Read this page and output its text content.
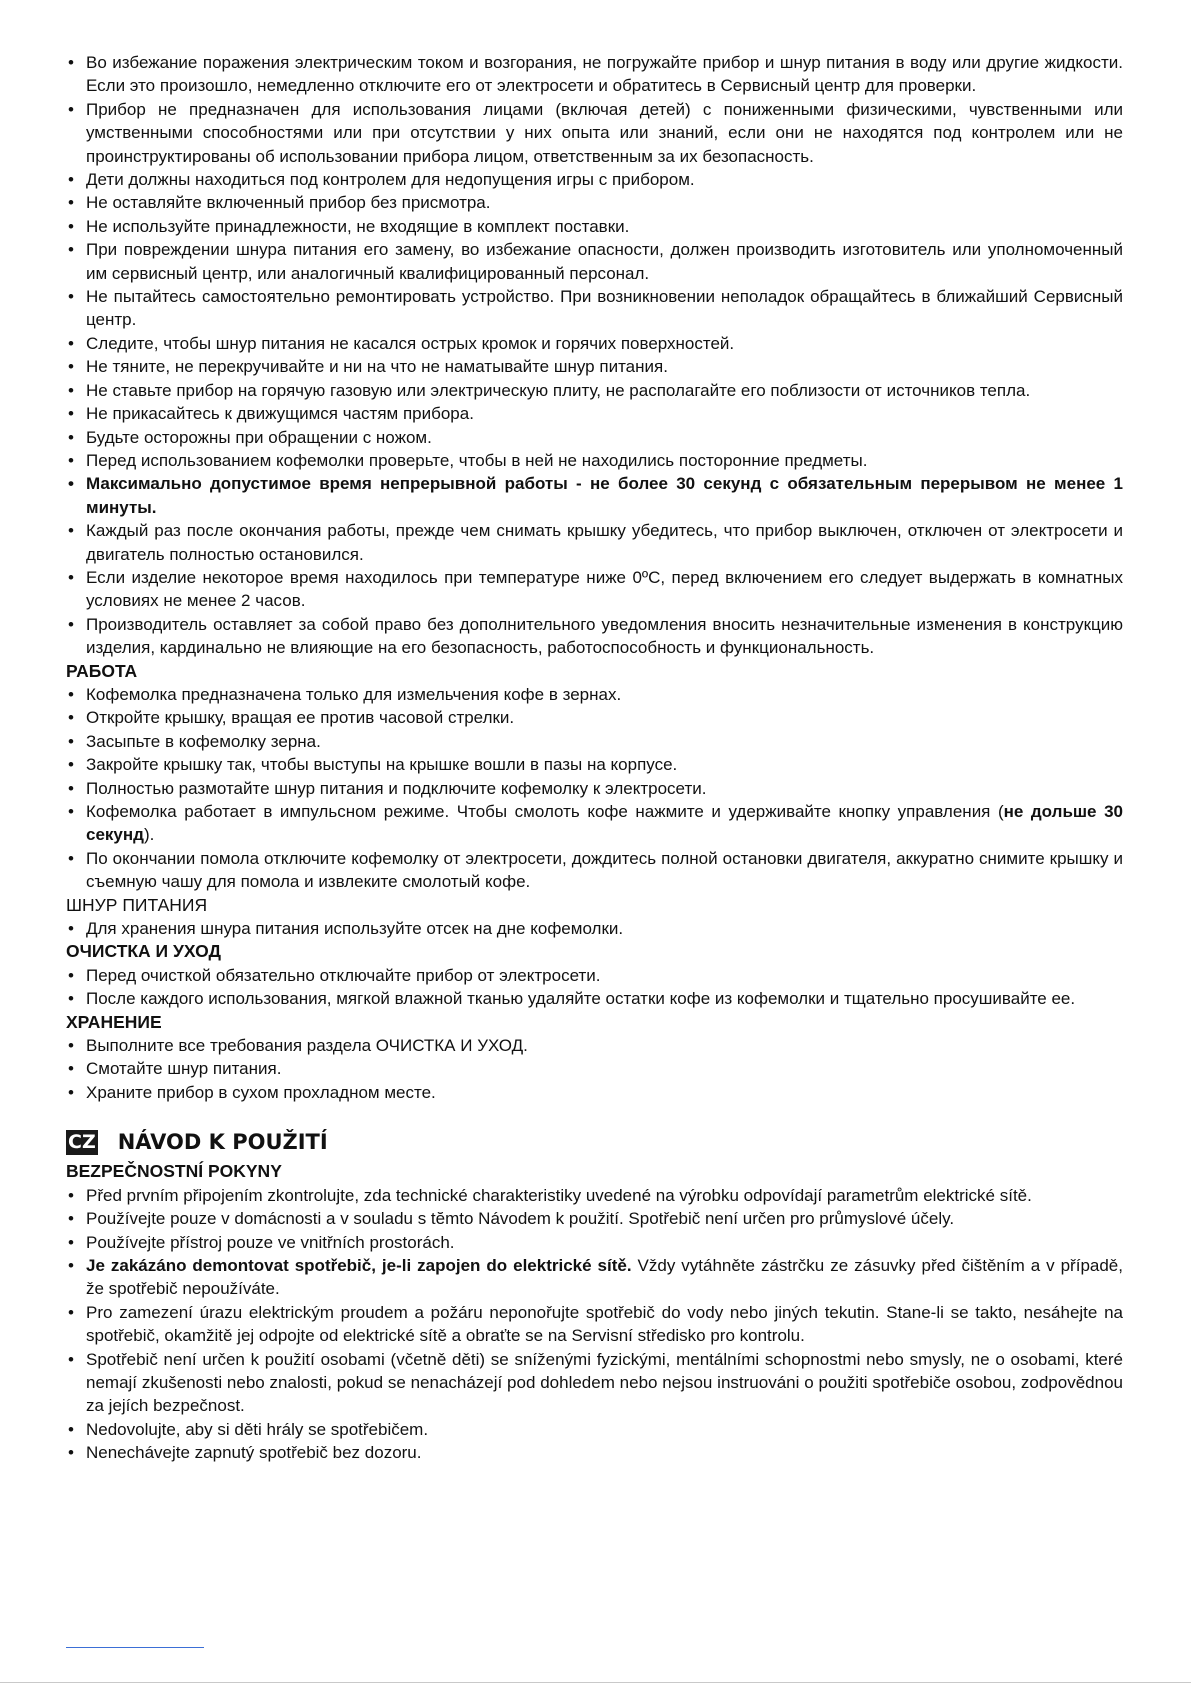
• Во избежание поражения электрическим током и возгорания, не погружайте прибор и шнур питания в воду или другие жидкости. Если это произошло, немедленно отключите его от электросети и обратитесь в Сервисный центр для проверки.
• Прибор не предназначен для использования лицами (включая детей) с пониженными физическими, чувственными или умственными способностями или при отсутствии у них опыта или знаний, если они не находятся под контролем или не проинструктированы об использовании прибора лицом, ответственным за их безопасность.
• Дети должны находиться под контролем для недопущения игры с прибором.
• Не оставляйте включенный прибор без присмотра.
• Не используйте принадлежности, не входящие в комплект поставки.
• При повреждении шнура питания его замену, во избежание опасности, должен производить изготовитель или уполномоченный им сервисный центр, или аналогичный квалифицированный персонал.
• Не пытайтесь самостоятельно ремонтировать устройство. При возникновении неполадок обращайтесь в ближайший Сервисный центр.
• Следите, чтобы шнур питания не касался острых кромок и горячих поверхностей.
• Не тяните, не перекручивайте и ни на что не наматывайте шнур питания.
• Не ставьте прибор на горячую газовую или электрическую плиту, не располагайте его поблизости от источников тепла.
• Не прикасайтесь к движущимся частям прибора.
• Будьте осторожны при обращении с ножом.
• Перед использованием кофемолки проверьте, чтобы в ней не находились посторонние предметы.
• Максимально допустимое время непрерывной работы - не более 30 секунд с обязательным перерывом не менее 1 минуты.
• Каждый раз после окончания работы, прежде чем снимать крышку убедитесь, что прибор выключен, отключен от электросети и двигатель полностью остановился.
• Если изделие некоторое время находилось при температуре ниже 0ºС, перед включением его следует выдержать в комнатных условиях не менее 2 часов.
• Производитель оставляет за собой право без дополнительного уведомления вносить незначительные изменения в конструкцию изделия, кардинально не влияющие на его безопасность, работоспособность и функциональность.
РАБОТА
• Кофемолка предназначена только для измельчения кофе в зернах.
• Откройте крышку, вращая ее против часовой стрелки.
• Засыпьте в кофемолку зерна.
• Закройте крышку так, чтобы выступы на крышке вошли в пазы на корпусе.
• Полностью размотайте шнур питания и подключите кофемолку к электросети.
• Кофемолка работает в импульсном режиме. Чтобы смолоть кофе нажмите и удерживайте кнопку управления (не дольше 30 секунд).
• По окончании помола отключите кофемолку от электросети, дождитесь полной остановки двигателя, аккуратно снимите крышку и съемную чашу для помола и извлеките смолотый кофе.
ШНУР ПИТАНИЯ
• Для хранения шнура питания используйте отсек на дне кофемолки.
ОЧИСТКА И УХОД
• Перед очисткой обязательно отключайте прибор от электросети.
• После каждого использования, мягкой влажной тканью удаляйте остатки кофе из кофемолки и тщательно просушивайте ее.
ХРАНЕНИЕ
• Выполните все требования раздела ОЧИСТКА И УХОД.
• Смотайте шнур питания.
• Храните прибор в сухом прохладном месте.
CZ NÁVOD K POUŽITÍ
BEZPEČNOSTNÍ POKYNY
• Před prvním připojením zkontrolujte, zda technické charakteristiky uvedené na výrobku odpovídají parametrům elektrické sítě.
• Používejte pouze v domácnosti a v souladu s tĕmto Návodem k použití. Spotřebič není určen pro průmyslové účely.
• Používejte přístroj pouze ve vnitřních prostorách.
• Je zakázáno demontovat spotřebič, je-li zapojen do elektrické sítě. Vždy vytáhněte zástrčku ze zásuvky před čištěním a v případě, že spotřebič nepoužíváte.
• Pro zamezení úrazu elektrickým proudem a požáru neponořujte spotřebič do vody nebo jiných tekutin. Stane-li se takto, nesáhejte na spotřebič, okamžitě jej odpojte od elektrické sítě a obraťte se na Servisní středisko pro kontrolu.
• Spotřebič není určen k použití osobami (včetně děti) se sníženými fyzickými, mentálními schopnostmi nebo smysly, ne o osobami, které nemají zkušenosti nebo znalosti, pokud se nenacházejí pod dohledem nebo nejsou instruováni o použiti spotřebiče osobou, zodpovědnou za jejích bezpečnost.
• Nedovolujte, aby si děti hrály se spotřebičem.
• Nenechávejte zapnutý spotřebič bez dozoru.
